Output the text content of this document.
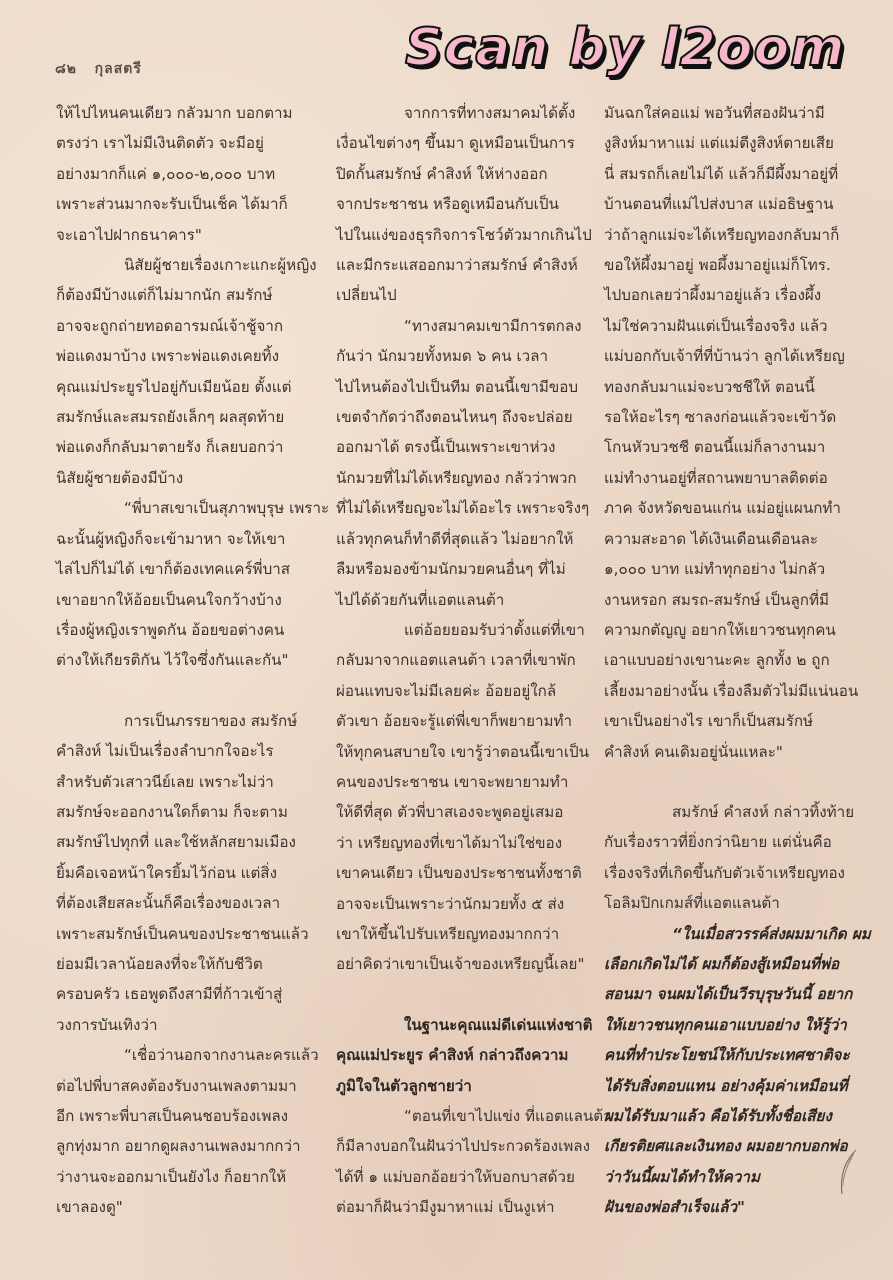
๘๒ กุลสตรี	Scan by l2oom

ให้ไปไหนคนเดียว กลัวมาก บอกตาม
ตรงว่า เราไม่มีเงินติดตัว จะมีอยู่
อย่างมากก็แค่ ๑,๐๐๐-๒,๐๐๐ บาท
เพราะส่วนมากจะรับเป็นเช็ค ได้มาก็
จะเอาไปฝากธนาคาร"

นิสัยผู้ชายเรื่องเกาะแกะผู้หญิง
ก็ต้องมีบ้างแต่ก็ไม่มากนัก สมรักษ์
อาจจะถูกถ่ายทอดอารมณ์เจ้าชู้จาก
พ่อแดงมาบ้าง เพราะพ่อแดงเคยทิ้ง
คุณแม่ประยูรไปอยู่กับเมียน้อย ตั้งแต่
สมรักษ์และสมรถยังเล็กๆ ผลสุดท้าย
พ่อแดงก็กลับมาตายรัง ก็เลยบอกว่า
นิสัยผู้ชายต้องมีบ้าง

“พี่บาสเขาเป็นสุภาพบุรุษ เพราะ
ฉะนั้นผู้หญิงก็จะเข้ามาหา จะให้เขา
ไล่ไปก็ไม่ได้ เขาก็ต้องเทคแคร์พี่บาส
เขาอยากให้อ้อยเป็นคนใจกว้างบ้าง
เรื่องผู้หญิงเราพูดกัน อ้อยขอต่างคน
ต่างให้เกียรติกัน ไว้ใจซึ่งกันและกัน"

การเป็นภรรยาของ สมรักษ์
คำสิงห์ ไม่เป็นเรื่องลำบากใจอะไร
สำหรับตัวเสาวนีย์เลย เพราะไม่ว่า
สมรักษ์จะออกงานใดก็ตาม ก็จะตาม
สมรักษ์ไปทุกที่ และใช้หลักสยามเมือง
ยิ้มคือเจอหน้าใครยิ้มไว้ก่อน แต่สิ่ง
ที่ต้องเสียสละนั้นก็คือเรื่องของเวลา
เพราะสมรักษ์เป็นคนของประชาชนแล้ว
ย่อมมีเวลาน้อยลงที่จะให้กับชีวิต
ครอบครัว เธอพูดถึงสามีที่ก้าวเข้าสู่
วงการบันเทิงว่า

“เชื่อว่านอกจากงานละครแล้ว
ต่อไปพี่บาสคงต้องรับงานเพลงตามมา
อีก เพราะพี่บาสเป็นคนชอบร้องเพลง
ลูกทุ่งมาก อยากดูผลงานเพลงมากกว่า
ว่างานจะออกมาเป็นยังไง ก็อยากให้
เขาลองดู"

จากการที่ทางสมาคมได้ตั้ง
เงื่อนไขต่างๆ ขึ้นมา ดูเหมือนเป็นการ
ปิดกั้นสมรักษ์ คำสิงห์ ให้ห่างออก
จากประชาชน หรือดูเหมือนกับเป็น
ไปในแง่ของธุรกิจการโชว์ตัวมากเกินไป
และมีกระแสออกมาว่าสมรักษ์ คำสิงห์
เปลี่ยนไป

“ทางสมาคมเขามีการตกลง
กันว่า นักมวยทั้งหมด ๖ คน เวลา
ไปไหนต้องไปเป็นทีม ตอนนี้เขามีขอบ
เขตจำกัดว่าถึงตอนไหนๆ ถึงจะปล่อย
ออกมาได้ ตรงนี้เป็นเพราะเขาห่วง
นักมวยที่ไม่ได้เหรียญทอง กลัวว่าพวก
ที่ไม่ได้เหรียญจะไม่ได้อะไร เพราะจริงๆ
แล้วทุกคนก็ทำดีที่สุดแล้ว ไม่อยากให้
ลืมหรือมองข้ามนักมวยคนอื่นๆ ที่ไม่
ไปได้ด้วยกันที่แอตแลนต้า

แต่อ้อยยอมรับว่าตั้งแต่ที่เขา
กลับมาจากแอตแลนต้า เวลาที่เขาพัก
ผ่อนแทบจะไม่มีเลยค่ะ อ้อยอยู่ใกล้
ตัวเขา อ้อยจะรู้แต่พี่เขาก็พยายามทำ
ให้ทุกคนสบายใจ เขารู้ว่าตอนนี้เขาเป็น
คนของประชาชน เขาจะพยายามทำ
ให้ดีที่สุด ตัวพี่บาสเองจะพูดอยู่เสมอ
ว่า เหรียญทองที่เขาได้มาไม่ใช่ของ
เขาคนเดียว เป็นของประชาชนทั้งชาติ
อาจจะเป็นเพราะว่านักมวยทั้ง ๕ ส่ง
เขาให้ขึ้นไปรับเหรียญทองมากกว่า
อย่าคิดว่าเขาเป็นเจ้าของเหรียญนี้เลย"

ในฐานะคุณแม่ดีเด่นแห่งชาติ
คุณแม่ประยูร คำสิงห์ กล่าวถึงความ
ภูมิใจในตัวลูกชายว่า

“ตอนที่เขาไปแข่ง ที่แอตแลนต้า
ก็มีลางบอกในฝันว่าไปประกวดร้องเพลง
ได้ที่ ๑ แม่บอกอ้อยว่าให้บอกบาสด้วย
ต่อมาก็ฝันว่ามีงูมาหาแม่ เป็นงูเห่า

มันฉกใส่คอแม่ พอวันที่สองฝันว่ามี
งูสิงห์มาหาแม่ แต่แม่ตีงูสิงห์ตายเสีย
นี่ สมรถก็เลยไม่ได้ แล้วก็มีผึ้งมาอยู่ที่
บ้านตอนที่แม่ไปส่งบาส แม่อธิษฐาน
ว่าถ้าลูกแม่จะได้เหรียญทองกลับมาก็
ขอให้ผึ้งมาอยู่ พอผึ้งมาอยู่แม่ก็โทร.
ไปบอกเลยว่าผึ้งมาอยู่แล้ว เรื่องผึ้ง
ไม่ใช่ความฝันแต่เป็นเรื่องจริง แล้ว
แม่บอกกับเจ้าที่ที่บ้านว่า ลูกได้เหรียญ
ทองกลับมาแม่จะบวชชีให้ ตอนนี้
รอให้อะไรๆ ซาลงก่อนแล้วจะเข้าวัด
โกนหัวบวชชี ตอนนี้แม่ก็ลางานมา
แม่ทำงานอยู่ที่สถานพยาบาลติดต่อ
ภาค จังหวัดขอนแก่น แม่อยู่แผนกทำ
ความสะอาด ได้เงินเดือนเดือนละ
๑,๐๐๐ บาท แม่ทำทุกอย่าง ไม่กลัว
งานหรอก สมรถ-สมรักษ์ เป็นลูกที่มี
ความกตัญญู อยากให้เยาวชนทุกคน
เอาแบบอย่างเขานะคะ ลูกทั้ง ๒ ถูก
เลี้ยงมาอย่างนั้น เรื่องลืมตัวไม่มีแน่นอน
เขาเป็นอย่างไร เขาก็เป็นสมรักษ์
คำสิงห์ คนเดิมอยู่นั่นแหละ"

สมรักษ์ คำสงห์ กล่าวทิ้งท้าย
กับเรื่องราวที่ยิ่งกว่านิยาย แต่นั่นคือ
เรื่องจริงที่เกิดขึ้นกับตัวเจ้าเหรียญทอง
โอลิมปิกเกมส์ที่แอตแลนต้า

“ในเมื่อสวรรค์ส่งผมมาเกิด ผม
เลือกเกิดไม่ได้ ผมก็ต้องสู้เหมือนที่พ่อ
สอนมา จนผมได้เป็นวีรบุรุษวันนี้ อยาก
ให้เยาวชนทุกคนเอาแบบอย่าง ให้รู้ว่า
คนที่ทำประโยชน์ให้กับประเทศชาติจะ
ได้รับสิ่งตอบแทน อย่างคุ้มค่าเหมือนที่
ผมได้รับมาแล้ว คือได้รับทั้งชื่อเสียง
เกียรติยศและเงินทอง ผมอยากบอกพ่อ
ว่าวันนี้ผมได้ทำให้ความ
ฝันของพ่อสำเร็จแล้ว"
